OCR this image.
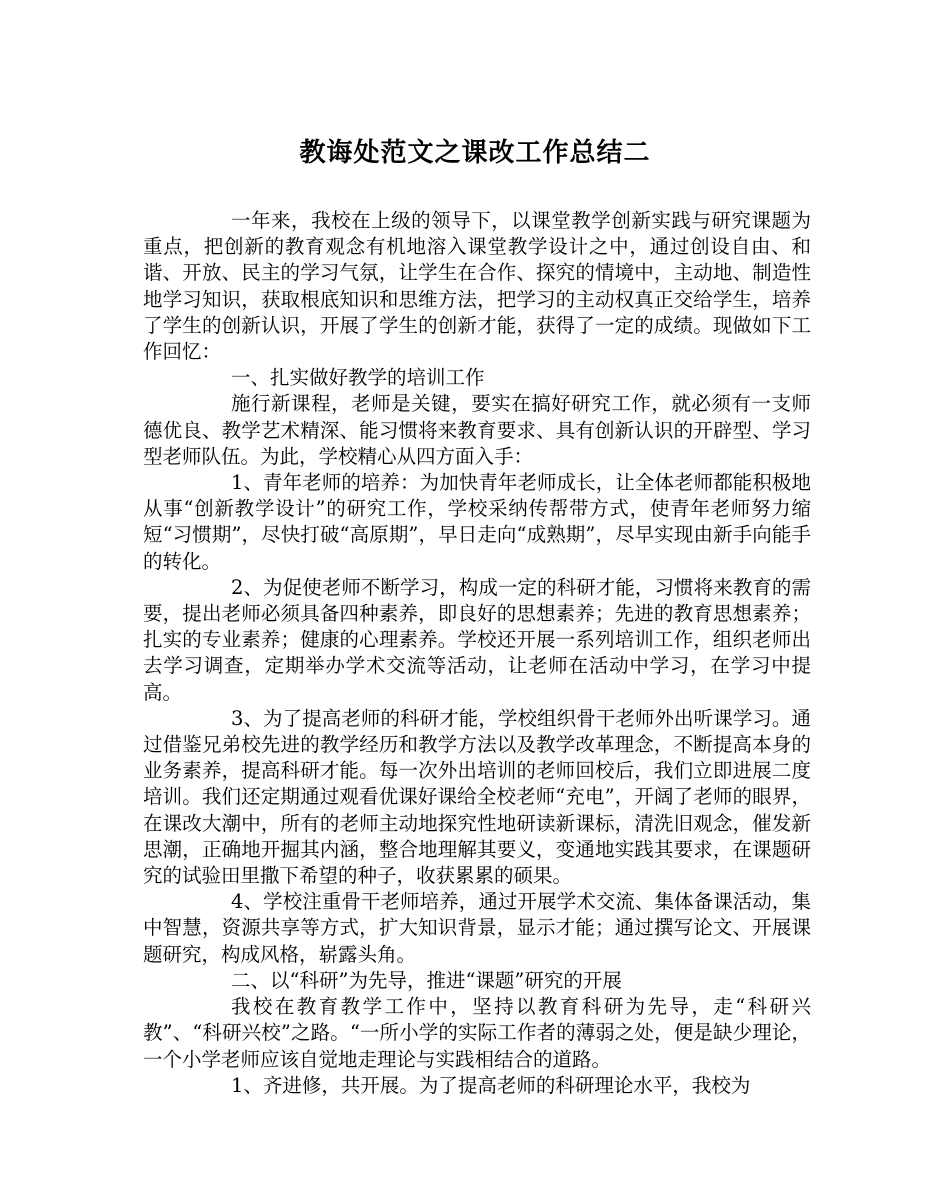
教诲处范文之课改工作总结二

一年来，我校在上级的领导下，以课堂教学创新实践与研究课题为重点，把创新的教育观念有机地溶入课堂教学设计之中，通过创设自由、和谐、开放、民主的学习气氛，让学生在合作、探究的情境中，主动地、制造性地学习知识，获取根底知识和思维方法，把学习的主动权真正交给学生，培养了学生的创新认识，开展了学生的创新才能，获得了一定的成绩。现做如下工作回忆：

一、扎实做好教学的培训工作

施行新课程，老师是关键，要实在搞好研究工作，就必须有一支师德优良、教学艺术精深、能习惯将来教育要求、具有创新认识的开辟型、学习型老师队伍。为此，学校精心从四方面入手：

1、青年老师的培养：为加快青年老师成长，让全体老师都能积极地从事“创新教学设计”的研究工作，学校采纳传帮带方式，使青年老师努力缩短“习惯期”，尽快打破“高原期”，早日走向“成熟期”，尽早实现由新手向能手的转化。

2、为促使老师不断学习，构成一定的科研才能，习惯将来教育的需要，提出老师必须具备四种素养，即良好的思想素养；先进的教育思想素养；扎实的专业素养；健康的心理素养。学校还开展一系列培训工作，组织老师出去学习调查，定期举办学术交流等活动，让老师在活动中学习，在学习中提高。

3、为了提高老师的科研才能，学校组织骨干老师外出听课学习。通过借鉴兄弟校先进的教学经历和教学方法以及教学改革理念，不断提高本身的业务素养，提高科研才能。每一次外出培训的老师回校后，我们立即进展二度培训。我们还定期通过观看优课好课给全校老师“充电”，开阔了老师的眼界，在课改大潮中，所有的老师主动地探究性地研读新课标，清洗旧观念，催发新思潮，正确地开掘其内涵，整合地理解其要义，变通地实践其要求，在课题研究的试验田里撒下希望的种子，收获累累的硕果。

4、学校注重骨干老师培养，通过开展学术交流、集体备课活动，集中智慧，资源共享等方式，扩大知识背景，显示才能；通过撰写论文、开展课题研究，构成风格，崭露头角。

二、以“科研”为先导，推进“课题”研究的开展

我校在教育教学工作中，坚持以教育科研为先导，走“科研兴教”、“科研兴校”之路。“一所小学的实际工作者的薄弱之处，便是缺少理论，一个小学老师应该自觉地走理论与实践相结合的道路。

1、齐进修，共开展。为了提高老师的科研理论水平，我校为
